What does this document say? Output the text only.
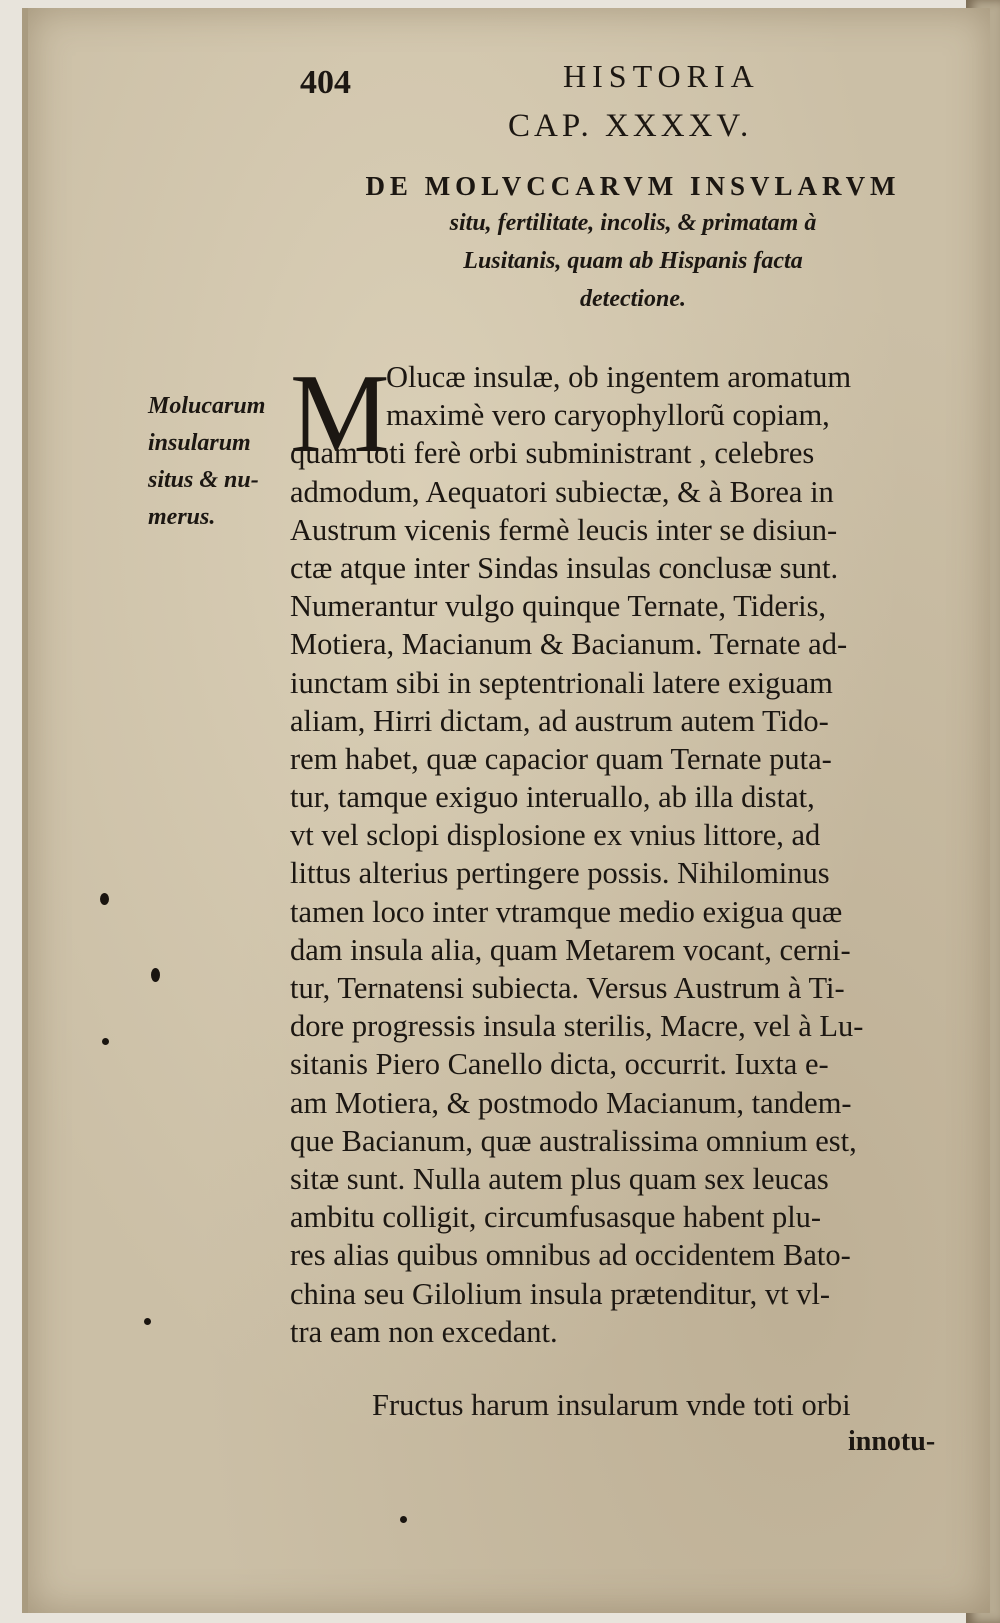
404	HISTORIA
CAP. XXXXV.
DE MOLVCCARVM INSVLARVM
situ, fertilitate, incolis, & primatam à
Lusitanis, quam ab Hispanis facta
detectione.
Molucarum
insularum
situs & nu-
merus.
M
Olucæ insulæ, ob ingentem aromatum
maximè vero caryophyllorũ copiam,
quam toti ferè orbi subministrant , celebres
admodum, Aequatori subiectæ, & à Borea in
Austrum vicenis fermè leucis inter se disiun-
ctæ atque inter Sindas insulas conclusæ sunt.
Numerantur vulgo quinque Ternate, Tideris,
Motiera, Macianum & Bacianum. Ternate ad-
iunctam sibi in septentrionali latere exiguam
aliam, Hirri dictam, ad austrum autem Tido-
rem habet, quæ capacior quam Ternate puta-
tur, tamque exiguo interuallo, ab illa distat,
vt vel sclopi displosione ex vnius littore, ad
littus alterius pertingere possis. Nihilominus
tamen loco inter vtramque medio exigua quæ
dam insula alia, quam Metarem vocant, cerni-
tur, Ternatensi subiecta. Versus Austrum à Ti-
dore progressis insula sterilis, Macre, vel à Lu-
sitanis Piero Canello dicta, occurrit. Iuxta e-
am Motiera, & postmodo Macianum, tandem-
que Bacianum, quæ australissima omnium est,
sitæ sunt. Nulla autem plus quam sex leucas
ambitu colligit, circumfusasque habent plu-
res alias quibus omnibus ad occidentem Bato-
china seu Gilolium insula prætenditur, vt vl-
tra eam non excedant.
Fructus harum insularum vnde toti orbi
innotu-
